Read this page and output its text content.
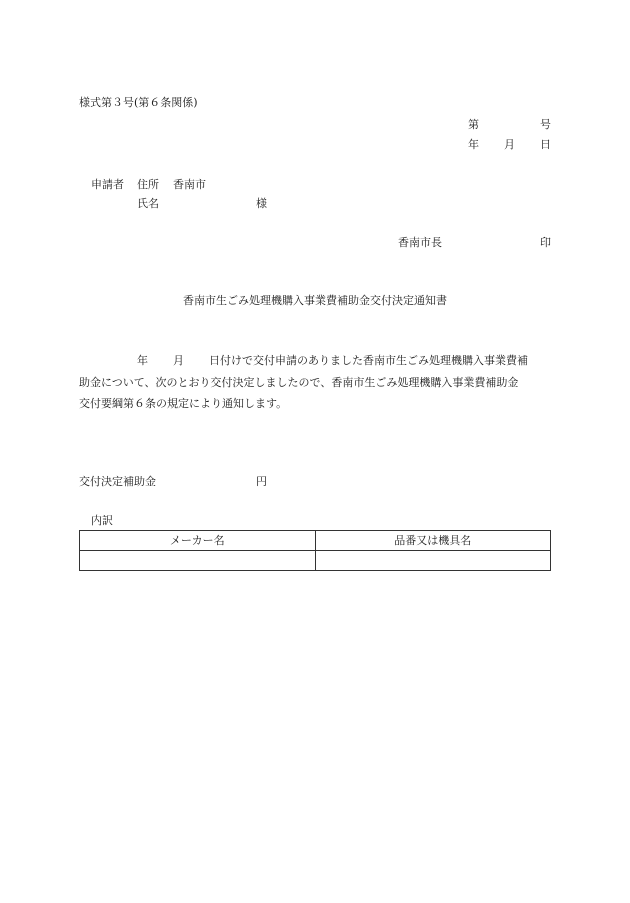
様式第３号(第６条関係)
第	号
年 月 日
申請者 住所 香南市
氏名	様
香南市長	印
香南市生ごみ処理機購入事業費補助金交付決定通知書
年 月 日付けで交付申請のありました香南市生ごみ処理機購入事業費補
助金について、次のとおり交付決定しましたので、香南市生ごみ処理機購入事業費補助金
交付要綱第６条の規定により通知します。
交付決定補助金	円
内訳
メーカー名	品番又は機具名
